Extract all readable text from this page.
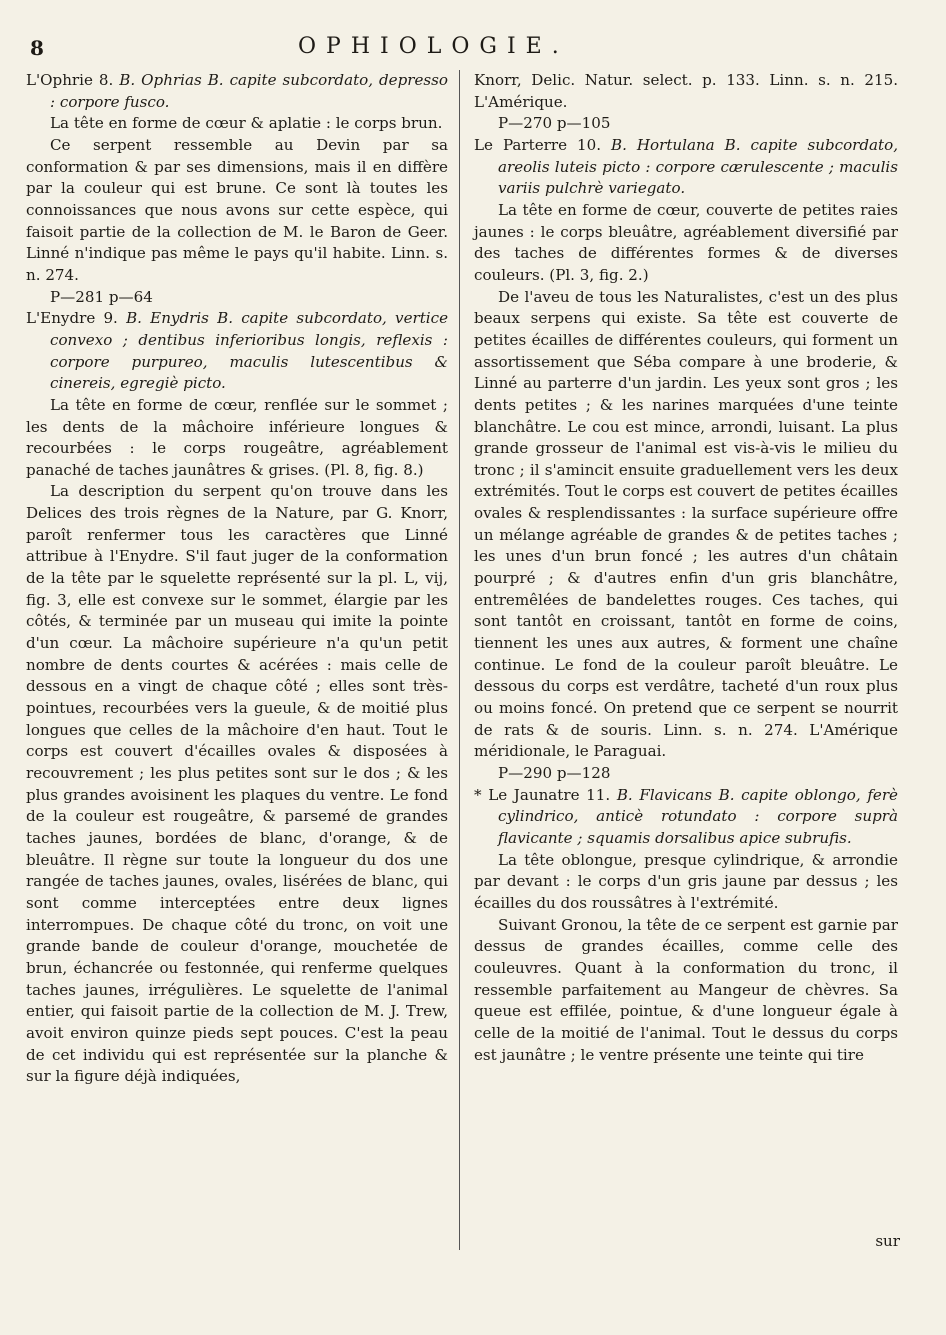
8	OPHIOLOGIE.

L'Ophrie 8. B. Ophrias B. capite subcordato, depresso : corpore fusco.

La tête en forme de cœur & aplatie : le corps brun.

Ce serpent ressemble au Devin par sa conformation & par ses dimensions, mais il en diffère par la couleur qui est brune. Ce sont là toutes les connoissances que nous avons sur cette espèce, qui faisoit partie de la collection de M. le Baron de Geer. Linné n'indique pas même le pays qu'il habite. Linn. s. n. 274.

P—281 p—64

L'Enydre 9. B. Enydris B. capite subcordato, vertice convexo ; dentibus inferioribus longis, reflexis : corpore purpureo, maculis lutescentibus & cinereis, egregiè picto.

La tête en forme de cœur, renflée sur le sommet ; les dents de la mâchoire inférieure longues & recourbées : le corps rougeâtre, agréablement panaché de taches jaunâtres & grises. (Pl. 8, fig. 8.)

La description du serpent qu'on trouve dans les Delices des trois règnes de la Nature, par G. Knorr, paroît renfermer tous les caractères que Linné attribue à l'Enydre. S'il faut juger de la conformation de la tête par le squelette représenté sur la pl. L, vij, fig. 3, elle est convexe sur le sommet, élargie par les côtés, & terminée par un museau qui imite la pointe d'un cœur. La mâchoire supérieure n'a qu'un petit nombre de dents courtes & acérées : mais celle de dessous en a vingt de chaque côté ; elles sont très-pointues, recourbées vers la gueule, & de moitié plus longues que celles de la mâchoire d'en haut. Tout le corps est couvert d'écailles ovales & disposées à recouvrement ; les plus petites sont sur le dos ; & les plus grandes avoisinent les plaques du ventre. Le fond de la couleur est rougeâtre, & parsemé de grandes taches jaunes, bordées de blanc, d'orange, & de bleuâtre. Il règne sur toute la longueur du dos une rangée de taches jaunes, ovales, lisérées de blanc, qui sont comme interceptées entre deux lignes interrompues. De chaque côté du tronc, on voit une grande bande de couleur d'orange, mouchetée de brun, échancrée ou festonnée, qui renferme quelques taches jaunes, irrégulières. Le squelette de l'animal entier, qui faisoit partie de la collection de M. J. Trew, avoit environ quinze pieds sept pouces. C'est la peau de cet individu qui est représentée sur la planche & sur la figure déjà indiquées,

Knorr, Delic. Natur. select. p. 133. Linn. s. n. 215. L'Amérique.

P—270 p—105

Le Parterre 10. B. Hortulana B. capite subcordato, areolis luteis picto : corpore cærulescente ; maculis variis pulchrè variegato.

La tête en forme de cœur, couverte de petites raies jaunes : le corps bleuâtre, agréablement diversifié par des taches de différentes formes & de diverses couleurs. (Pl. 3, fig. 2.)

De l'aveu de tous les Naturalistes, c'est un des plus beaux serpens qui existe. Sa tête est couverte de petites écailles de différentes couleurs, qui forment un assortissement que Séba compare à une broderie, & Linné au parterre d'un jardin. Les yeux sont gros ; les dents petites ; & les narines marquées d'une teinte blanchâtre. Le cou est mince, arrondi, luisant. La plus grande grosseur de l'animal est vis-à-vis le milieu du tronc ; il s'amincit ensuite graduellement vers les deux extrémités. Tout le corps est couvert de petites écailles ovales & resplendissantes : la surface supérieure offre un mélange agréable de grandes & de petites taches ; les unes d'un brun foncé ; les autres d'un châtain pourpré ; & d'autres enfin d'un gris blanchâtre, entremêlées de bandelettes rouges. Ces taches, qui sont tantôt en croissant, tantôt en forme de coins, tiennent les unes aux autres, & forment une chaîne continue. Le fond de la couleur paroît bleuâtre. Le dessous du corps est verdâtre, tacheté d'un roux plus ou moins foncé. On pretend que ce serpent se nourrit de rats & de souris. Linn. s. n. 274. L'Amérique méridionale, le Paraguai.

P—290 p—128

* Le Jaunatre 11. B. Flavicans B. capite oblongo, ferè cylindrico, anticè rotundato : corpore suprà flavicante ; squamis dorsalibus apice subrufis.

La tête oblongue, presque cylindrique, & arrondie par devant : le corps d'un gris jaune par dessus ; les écailles du dos roussâtres à l'extrémité.

Suivant Gronou, la tête de ce serpent est garnie par dessus de grandes écailles, comme celle des couleuvres. Quant à la conformation du tronc, il ressemble parfaitement au Mangeur de chèvres. Sa queue est effilée, pointue, & d'une longueur égale à celle de la moitié de l'animal. Tout le dessus du corps est jaunâtre ; le ventre présente une teinte qui tire

sur
